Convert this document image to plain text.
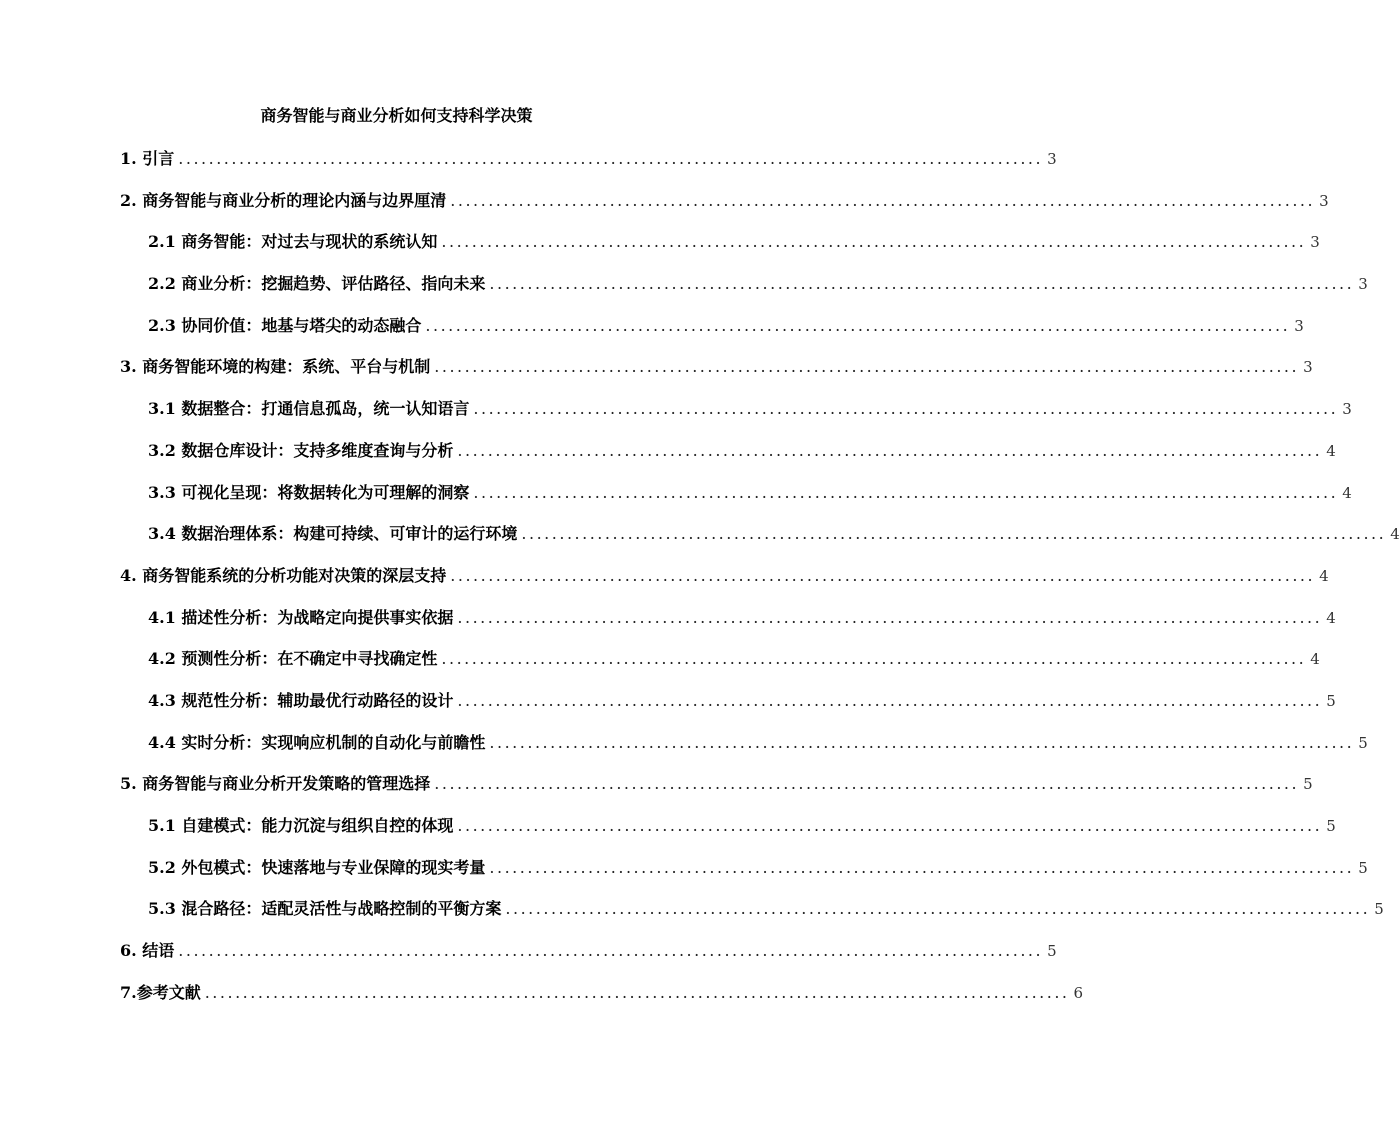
商务智能与商业分析如何支持科学决策
1. 引言 .................................................................................................................. 3
2. 商务智能与商业分析的理论内涵与边界厘清 .................................................................................................................. 3
2.1 商务智能：对过去与现状的系统认知 .................................................................................................................. 3
2.2 商业分析：挖掘趋势、评估路径、指向未来 .................................................................................................................. 3
2.3 协同价值：地基与塔尖的动态融合 .................................................................................................................. 3
3. 商务智能环境的构建：系统、平台与机制 .................................................................................................................. 3
3.1 数据整合：打通信息孤岛，统一认知语言 .................................................................................................................. 3
3.2 数据仓库设计：支持多维度查询与分析 .................................................................................................................. 4
3.3 可视化呈现：将数据转化为可理解的洞察 .................................................................................................................. 4
3.4 数据治理体系：构建可持续、可审计的运行环境 .................................................................................................................. 4
4. 商务智能系统的分析功能对决策的深层支持 .................................................................................................................. 4
4.1 描述性分析：为战略定向提供事实依据 .................................................................................................................. 4
4.2 预测性分析：在不确定中寻找确定性 .................................................................................................................. 4
4.3 规范性分析：辅助最优行动路径的设计 .................................................................................................................. 5
4.4 实时分析：实现响应机制的自动化与前瞻性 .................................................................................................................. 5
5. 商务智能与商业分析开发策略的管理选择 .................................................................................................................. 5
5.1 自建模式：能力沉淀与组织自控的体现 .................................................................................................................. 5
5.2 外包模式：快速落地与专业保障的现实考量 .................................................................................................................. 5
5.3 混合路径：适配灵活性与战略控制的平衡方案 .................................................................................................................. 5
6. 结语 .................................................................................................................. 5
7.参考文献 .................................................................................................................. 6
